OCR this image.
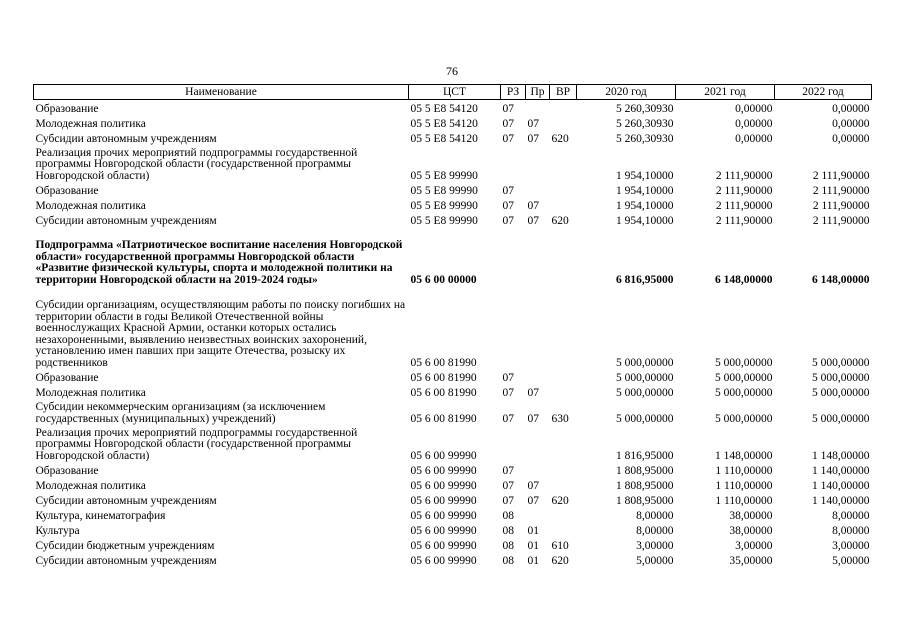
76
Наименование	ЦСТ	РЗ	Пр	ВР	2020 год	2021 год	2022 год
Образование	05 5 Е8 54120	07			5 260,30930	0,00000	0,00000
Молодежная политика	05 5 Е8 54120	07	07		5 260,30930	0,00000	0,00000
Субсидии автономным учреждениям	05 5 Е8 54120	07	07	620	5 260,30930	0,00000	0,00000
Реализация прочих мероприятий подпрограммы государственной программы Новгородской области (государственной программы Новгородской области)	05 5 Е8 99990				1 954,10000	2 111,90000	2 111,90000
Образование	05 5 Е8 99990	07			1 954,10000	2 111,90000	2 111,90000
Молодежная политика	05 5 Е8 99990	07	07		1 954,10000	2 111,90000	2 111,90000
Субсидии автономным учреждениям	05 5 Е8 99990	07	07	620	1 954,10000	2 111,90000	2 111,90000
Подпрограмма «Патриотическое воспитание населения Новгородской области» государственной программы Новгородской области «Развитие физической культуры, спорта и молодежной политики на территории Новгородской области на 2019-2024 годы»	05 6 00 00000				6 816,95000	6 148,00000	6 148,00000
Субсидии организациям, осуществляющим работы по поиску погибших на территории области в годы Великой Отечественной войны военнослужащих Красной Армии, останки которых остались незахороненными, выявлению неизвестных воинских захоронений, установлению имен павших при защите Отечества, розыску их родственников	05 6 00 81990				5 000,00000	5 000,00000	5 000,00000
Образование	05 6 00 81990	07			5 000,00000	5 000,00000	5 000,00000
Молодежная политика	05 6 00 81990	07	07		5 000,00000	5 000,00000	5 000,00000
Субсидии некоммерческим организациям (за исключением государственных (муниципальных) учреждений)	05 6 00 81990	07	07	630	5 000,00000	5 000,00000	5 000,00000
Реализация прочих мероприятий подпрограммы государственной программы Новгородской области (государственной программы Новгородской области)	05 6 00 99990				1 816,95000	1 148,00000	1 148,00000
Образование	05 6 00 99990	07			1 808,95000	1 110,00000	1 140,00000
Молодежная политика	05 6 00 99990	07	07		1 808,95000	1 110,00000	1 140,00000
Субсидии автономным учреждениям	05 6 00 99990	07	07	620	1 808,95000	1 110,00000	1 140,00000
Культура, кинематография	05 6 00 99990	08			8,00000	38,00000	8,00000
Культура	05 6 00 99990	08	01		8,00000	38,00000	8,00000
Субсидии бюджетным учреждениям	05 6 00 99990	08	01	610	3,00000	3,00000	3,00000
Субсидии автономным учреждениям	05 6 00 99990	08	01	620	5,00000	35,00000	5,00000
